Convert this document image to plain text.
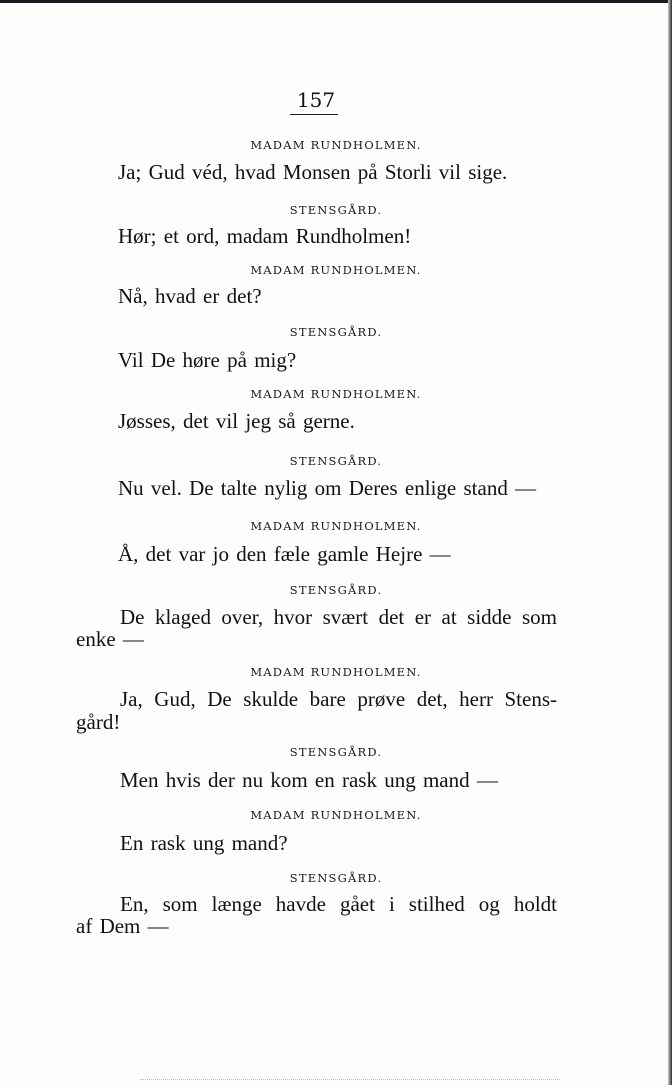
157
MADAM RUNDHOLMEN.
Ja; Gud véd, hvad Monsen på Storli vil sige.
STENSGÅRD.
Hør; et ord, madam Rundholmen!
MADAM RUNDHOLMEN.
Nå, hvad er det?
STENSGÅRD.
Vil De høre på mig?
MADAM RUNDHOLMEN.
Jøsses, det vil jeg så gerne.
STENSGÅRD.
Nu vel. De talte nylig om Deres enlige stand —
MADAM RUNDHOLMEN.
Å, det var jo den fæle gamle Hejre —
STENSGÅRD.
De klaged over, hvor svært det er at sidde som
enke —
MADAM RUNDHOLMEN.
Ja, Gud, De skulde bare prøve det, herr Stens-
gård!
STENSGÅRD.
Men hvis der nu kom en rask ung mand —
MADAM RUNDHOLMEN.
En rask ung mand?
STENSGÅRD.
En, som længe havde gået i stilhed og holdt
af Dem —
